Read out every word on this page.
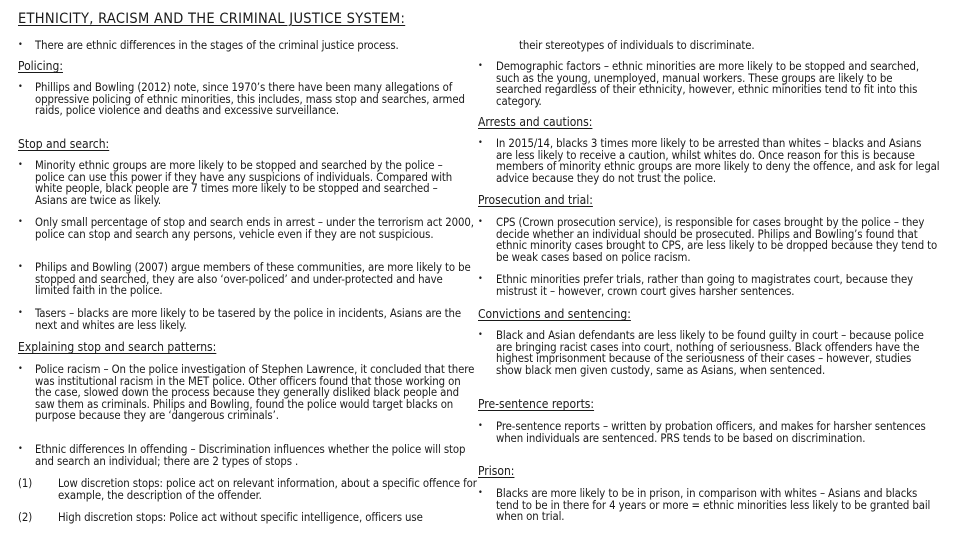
ETHNICITY, RACISM AND THE CRIMINAL JUSTICE SYSTEM:
• There are ethnic differences in the stages of the criminal justice process.
Policing:
• Phillips and Bowling (2012) note, since 1970’s there have been many allegations of oppressive policing of ethnic minorities, this includes, mass stop and searches, armed raids, police violence and deaths and excessive surveillance.
Stop and search:
• Minority ethnic groups are more likely to be stopped and searched by the police – police can use this power if they have any suspicions of individuals. Compared with white people, black people are 7 times more likely to be stopped and searched – Asians are twice as likely.
• Only small percentage of stop and search ends in arrest – under the terrorism act 2000, police can stop and search any persons, vehicle even if they are not suspicious.
• Philips and Bowling (2007) argue members of these communities, are more likely to be stopped and searched, they are also ‘over-policed’ and under-protected and have limited faith in the police.
• Tasers – blacks are more likely to be tasered by the police in incidents, Asians are the next and whites are less likely.
Explaining stop and search patterns:
• Police racism – On the police investigation of Stephen Lawrence, it concluded that there was institutional racism in the MET police. Other officers found that those working on the case, slowed down the process because they generally disliked black people and saw them as criminals. Philips and Bowling, found the police would target blacks on purpose because they are ‘dangerous criminals’.
• Ethnic differences In offending – Discrimination influences whether the police will stop and search an individual; there are 2 types of stops .
(1) Low discretion stops: police act on relevant information, about a specific offence for example, the description of the offender.
(2) High discretion stops: Police act without specific intelligence, officers use
their stereotypes of individuals to discriminate.
• Demographic factors – ethnic minorities are more likely to be stopped and searched, such as the young, unemployed, manual workers. These groups are likely to be searched regardless of their ethnicity, however, ethnic minorities tend to fit into this category.
Arrests and cautions:
• In 2015/14, blacks 3 times more likely to be arrested than whites – blacks and Asians are less likely to receive a caution, whilst whites do. Once reason for this is because members of minority ethnic groups are more likely to deny the offence, and ask for legal advice because they do not trust the police.
Prosecution and trial:
• CPS (Crown prosecution service), is responsible for cases brought by the police – they decide whether an individual should be prosecuted. Philips and Bowling’s found that ethnic minority cases brought to CPS, are less likely to be dropped because they tend to be weak cases based on police racism.
• Ethnic minorities prefer trials, rather than going to magistrates court, because they mistrust it – however, crown court gives harsher sentences.
Convictions and sentencing:
• Black and Asian defendants are less likely to be found guilty in court – because police are bringing racist cases into court, nothing of seriousness. Black offenders have the highest imprisonment because of the seriousness of their cases – however, studies show black men given custody, same as Asians, when sentenced.
Pre-sentence reports:
• Pre-sentence reports – written by probation officers, and makes for harsher sentences when individuals are sentenced. PRS tends to be based on discrimination.
Prison:
• Blacks are more likely to be in prison, in comparison with whites – Asians and blacks tend to be in there for 4 years or more = ethnic minorities less likely to be granted bail when on trial.
